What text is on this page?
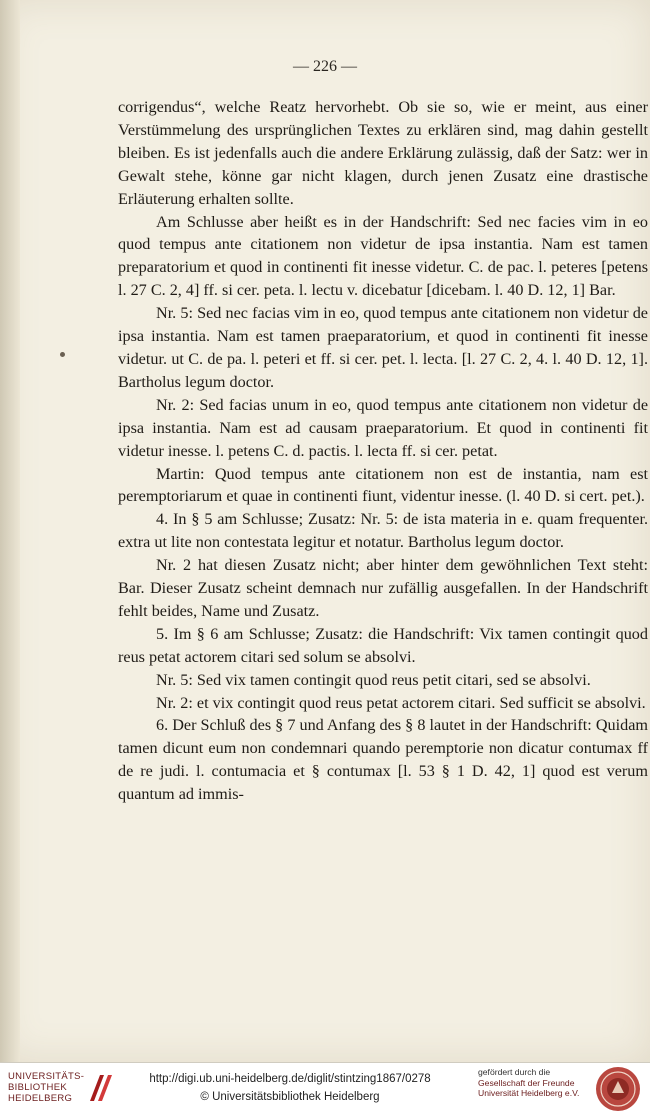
— 226 —

corrigendus“, welche Reatz hervorhebt. Ob sie so, wie er meint, aus einer Verstümmelung des ursprünglichen Textes zu erklären sind, mag dahin gestellt bleiben. Es ist jedenfalls auch die andere Erklärung zulässig, daß der Satz: wer in Gewalt stehe, könne gar nicht klagen, durch jenen Zusatz eine drastische Erläuterung erhalten sollte.

Am Schlusse aber heißt es in der Handschrift: Sed nec facies vim in eo quod tempus ante citationem non videtur de ipsa instantia. Nam est tamen preparatorium et quod in continenti fit inesse videtur. C. de pac. l. peteres [petens l. 27 C. 2, 4] ff. si cer. peta. l. lectu v. dicebatur [dicebam. l. 40 D. 12, 1] Bar.

Nr. 5: Sed nec facias vim in eo, quod tempus ante citationem non videtur de ipsa instantia. Nam est tamen praeparatorium, et quod in continenti fit inesse videtur. ut C. de pa. l. peteri et ff. si cer. pet. l. lecta. [l. 27 C. 2, 4. l. 40 D. 12, 1]. Bartholus legum doctor.

Nr. 2: Sed facias unum in eo, quod tempus ante citationem non videtur de ipsa instantia. Nam est ad causam praeparatorium. Et quod in continenti fit videtur inesse. l. petens C. d. pactis. l. lecta ff. si cer. petat.

Martin: Quod tempus ante citationem non est de instantia, nam est peremptoriarum et quae in continenti fiunt, videntur inesse. (l. 40 D. si cert. pet.).

4. In § 5 am Schlusse; Zusatz: Nr. 5: de ista materia in e. quam frequenter. extra ut lite non contestata legitur et notatur. Bartholus legum doctor.

Nr. 2 hat diesen Zusatz nicht; aber hinter dem gewöhnlichen Text steht: Bar. Dieser Zusatz scheint demnach nur zufällig ausgefallen. In der Handschrift fehlt beides, Name und Zusatz.

5. Im § 6 am Schlusse; Zusatz: die Handschrift: Vix tamen contingit quod reus petat actorem citari sed solum se absolvi.

Nr. 5: Sed vix tamen contingit quod reus petit citari, sed se absolvi.

Nr. 2: et vix contingit quod reus petat actorem citari. Sed sufficit se absolvi.

6. Der Schluß des § 7 und Anfang des § 8 lautet in der Handschrift: Quidam tamen dicunt eum non condemnari quando peremptorie non dicatur contumax ff de re judi. l. contumacia et § contumax [l. 53 § 1 D. 42, 1] quod est verum quantum ad immis-

UNIVERSITÄTS-
BIBLIOTHEK
HEIDELBERG
http://digi.ub.uni-heidelberg.de/diglit/stintzing1867/0278
© Universitätsbibliothek Heidelberg
gefördert durch die
Gesellschaft der Freunde
Universität Heidelberg e.V.
